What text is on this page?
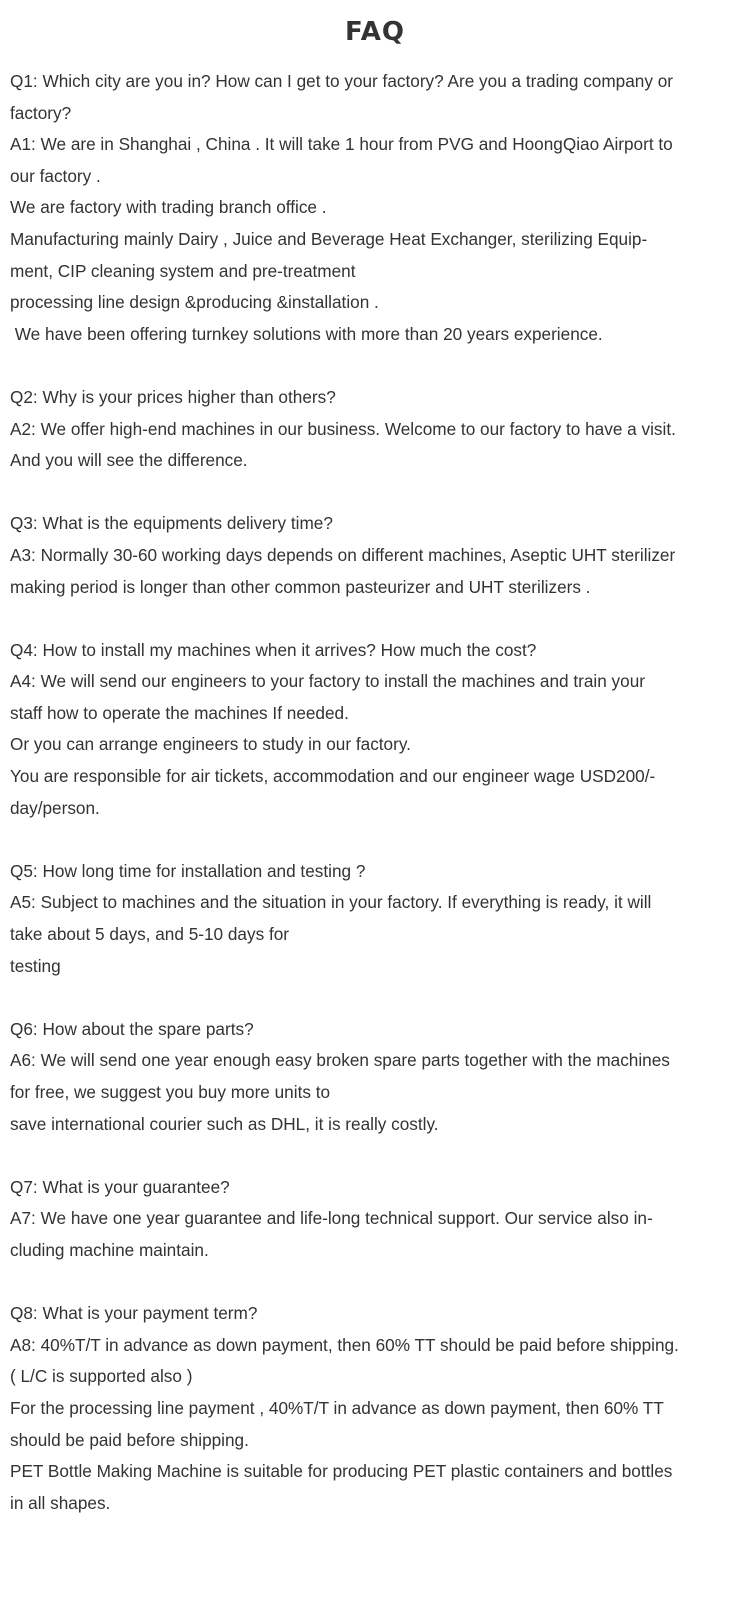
FAQ
Q1: Which city are you in? How can I get to your factory? Are you a trading company or
factory?
A1: We are in Shanghai , China . It will take 1 hour from PVG and HoongQiao Airport to
our factory .
We are factory with trading branch office .
Manufacturing mainly Dairy , Juice and Beverage Heat Exchanger, sterilizing Equip-
ment, CIP cleaning system and pre-treatment
processing line design &producing &installation .
We have been offering turnkey solutions with more than 20 years experience.
Q2: Why is your prices higher than others?
A2: We offer high-end machines in our business. Welcome to our factory to have a visit.
And you will see the difference.
Q3: What is the equipments delivery time?
A3: Normally 30-60 working days depends on different machines, Aseptic UHT sterilizer
making period is longer than other common pasteurizer and UHT sterilizers .
Q4: How to install my machines when it arrives? How much the cost?
A4: We will send our engineers to your factory to install the machines and train your
staff how to operate the machines If needed.
Or you can arrange engineers to study in our factory.
You are responsible for air tickets, accommodation and our engineer wage USD200/-
day/person.
Q5: How long time for installation and testing ?
A5: Subject to machines and the situation in your factory. If everything is ready, it will
take about 5 days, and 5-10 days for
testing
Q6: How about the spare parts?
A6: We will send one year enough easy broken spare parts together with the machines
for free, we suggest you buy more units to
save international courier such as DHL, it is really costly.
Q7: What is your guarantee?
A7: We have one year guarantee and life-long technical support. Our service also in-
cluding machine maintain.
Q8: What is your payment term?
A8: 40%T/T in advance as down payment, then 60% TT should be paid before shipping.
( L/C is supported also )
For the processing line payment , 40%T/T in advance as down payment, then 60% TT
should be paid before shipping.
PET Bottle Making Machine is suitable for producing PET plastic containers and bottles
in all shapes.
